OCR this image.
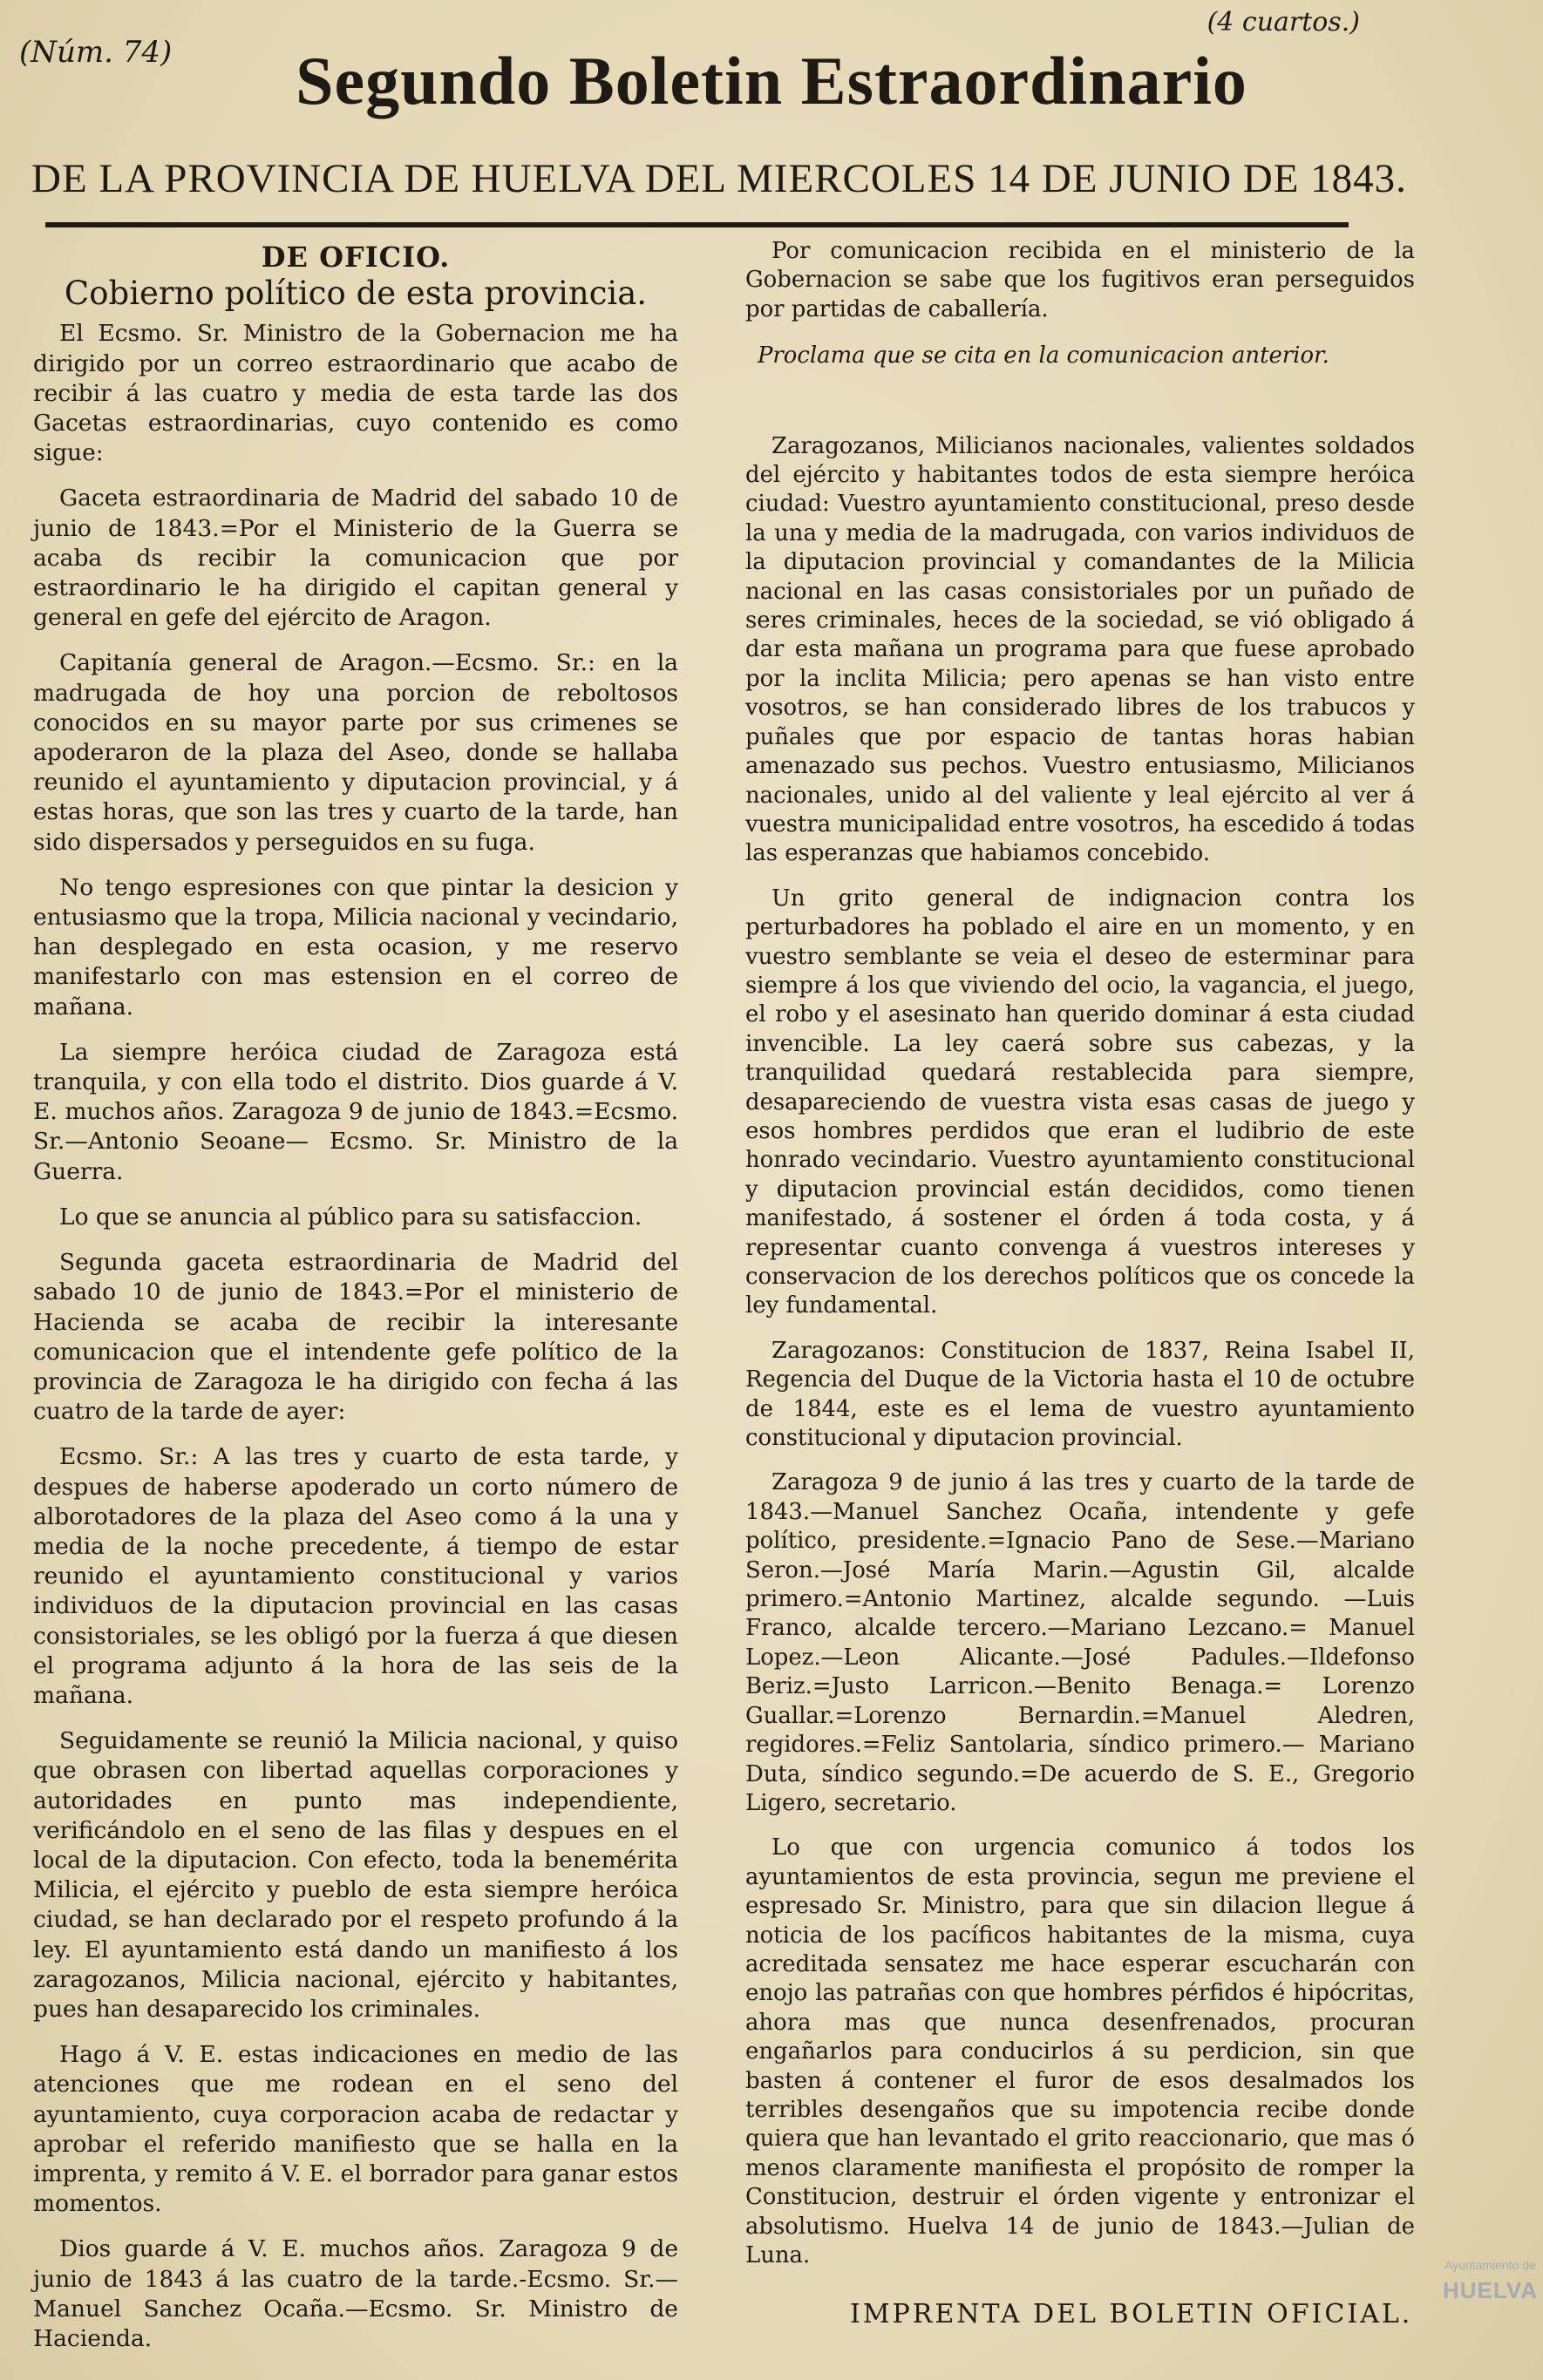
(Núm. 74)
(4 cuartos.)
Segundo Boletin Estraordinario
DE LA PROVINCIA DE HUELVA DEL MIERCOLES 14 DE JUNIO DE 1843.
DE OFICIO.
Cobierno político de esta provincia.

El Ecsmo. Sr. Ministro de la Gobernacion me ha dirigido por un correo estraordinario que acabo de recibir á las cuatro y media de esta tarde las dos Gacetas estraordinarias, cuyo contenido es como sigue:

Gaceta estraordinaria de Madrid del sabado 10 de junio de 1843.=Por el Ministerio de la Guerra se acaba ds recibir la comunicacion que por estraordinario le ha dirigido el capitan general y general en gefe del ejército de Aragon.

Capitanía general de Aragon.—Ecsmo. Sr.: en la madrugada de hoy una porcion de reboltosos conocidos en su mayor parte por sus crimenes se apoderaron de la plaza del Aseo, donde se hallaba reunido el ayuntamiento y diputacion provincial, y á estas horas, que son las tres y cuarto de la tarde, han sido dispersados y perseguidos en su fuga.

No tengo espresiones con que pintar la desicion y entusiasmo que la tropa, Milicia nacional y vecindario, han desplegado en esta ocasion, y me reservo manifestarlo con mas estension en el correo de mañana.

La siempre heróica ciudad de Zaragoza está tranquila, y con ella todo el distrito. Dios guarde á V. E. muchos años. Zaragoza 9 de junio de 1843.=Ecsmo. Sr.—Antonio Seoane— Ecsmo. Sr. Ministro de la Guerra.

Lo que se anuncia al público para su satisfaccion.

Segunda gaceta estraordinaria de Madrid del sabado 10 de junio de 1843.=Por el ministerio de Hacienda se acaba de recibir la interesante comunicacion que el intendente gefe político de la provincia de Zaragoza le ha dirigido con fecha á las cuatro de la tarde de ayer:

Ecsmo. Sr.: A las tres y cuarto de esta tarde, y despues de haberse apoderado un corto número de alborotadores de la plaza del Aseo como á la una y media de la noche precedente, á tiempo de estar reunido el ayuntamiento constitucional y varios individuos de la diputacion provincial en las casas consistoriales, se les obligó por la fuerza á que diesen el programa adjunto á la hora de las seis de la mañana.

Seguidamente se reunió la Milicia nacional, y quiso que obrasen con libertad aquellas corporaciones y autoridades en punto mas independiente, verificándolo en el seno de las filas y despues en el local de la diputacion. Con efecto, toda la benemérita Milicia, el ejército y pueblo de esta siempre heróica ciudad, se han declarado por el respeto profundo á la ley. El ayuntamiento está dando un manifiesto á los zaragozanos, Milicia nacional, ejército y habitantes, pues han desaparecido los criminales.

Hago á V. E. estas indicaciones en medio de las atenciones que me rodean en el seno del ayuntamiento, cuya corporacion acaba de redactar y aprobar el referido manifiesto que se halla en la imprenta, y remito á V. E. el borrador para ganar estos momentos.

Dios guarde á V. E. muchos años. Zaragoza 9 de junio de 1843 á las cuatro de la tarde.-Ecsmo. Sr.—Manuel Sanchez Ocaña.—Ecsmo. Sr. Ministro de Hacienda.

Por comunicacion recibida en el ministerio de la Gobernacion se sabe que los fugitivos eran perseguidos por partidas de caballería.

Proclama que se cita en la comunicacion anterior.

Zaragozanos, Milicianos nacionales, valientes soldados del ejército y habitantes todos de esta siempre heróica ciudad: Vuestro ayuntamiento constitucional, preso desde la una y media de la madrugada, con varios individuos de la diputacion provincial y comandantes de la Milicia nacional en las casas consistoriales por un puñado de seres criminales, heces de la sociedad, se vió obligado á dar esta mañana un programa para que fuese aprobado por la inclita Milicia; pero apenas se han visto entre vosotros, se han considerado libres de los trabucos y puñales que por espacio de tantas horas habian amenazado sus pechos. Vuestro entusiasmo, Milicianos nacionales, unido al del valiente y leal ejército al ver á vuestra municipalidad entre vosotros, ha escedido á todas las esperanzas que habiamos concebido.

Un grito general de indignacion contra los perturbadores ha poblado el aire en un momento, y en vuestro semblante se veia el deseo de esterminar para siempre á los que viviendo del ocio, la vagancia, el juego, el robo y el asesinato han querido dominar á esta ciudad invencible. La ley caerá sobre sus cabezas, y la tranquilidad quedará restablecida para siempre, desapareciendo de vuestra vista esas casas de juego y esos hombres perdidos que eran el ludibrio de este honrado vecindario. Vuestro ayuntamiento constitucional y diputacion provincial están decididos, como tienen manifestado, á sostener el órden á toda costa, y á representar cuanto convenga á vuestros intereses y conservacion de los derechos políticos que os concede la ley fundamental.

Zaragozanos: Constitucion de 1837, Reina Isabel II, Regencia del Duque de la Victoria hasta el 10 de octubre de 1844, este es el lema de vuestro ayuntamiento constitucional y diputacion provincial.

Zaragoza 9 de junio á las tres y cuarto de la tarde de 1843.—Manuel Sanchez Ocaña, intendente y gefe político, presidente.=Ignacio Pano de Sese.—Mariano Seron.—José María Marin.—Agustin Gil, alcalde primero.=Antonio Martinez, alcalde segundo. —Luis Franco, alcalde tercero.—Mariano Lezcano.= Manuel Lopez.—Leon Alicante.—José Padules.—Ildefonso Beriz.=Justo Larricon.—Benito Benaga.= Lorenzo Guallar.=Lorenzo Bernardin.=Manuel Aledren, regidores.=Feliz Santolaria, síndico primero.— Mariano Duta, síndico segundo.=De acuerdo de S. E., Gregorio Ligero, secretario.

Lo que con urgencia comunico á todos los ayuntamientos de esta provincia, segun me previene el espresado Sr. Ministro, para que sin dilacion llegue á noticia de los pacíficos habitantes de la misma, cuya acreditada sensatez me hace esperar escucharán con enojo las patrañas con que hombres pérfidos é hipócritas, ahora mas que nunca desenfrenados, procuran engañarlos para conducirlos á su perdicion, sin que basten á contener el furor de esos desalmados los terribles desengaños que su impotencia recibe donde quiera que han levantado el grito reaccionario, que mas ó menos claramente manifiesta el propósito de romper la Constitucion, destruir el órden vigente y entronizar el absolutismo. Huelva 14 de junio de 1843.—Julian de Luna.

IMPRENTA DEL BOLETIN OFICIAL.
Ayuntamiento de
HUELVA
